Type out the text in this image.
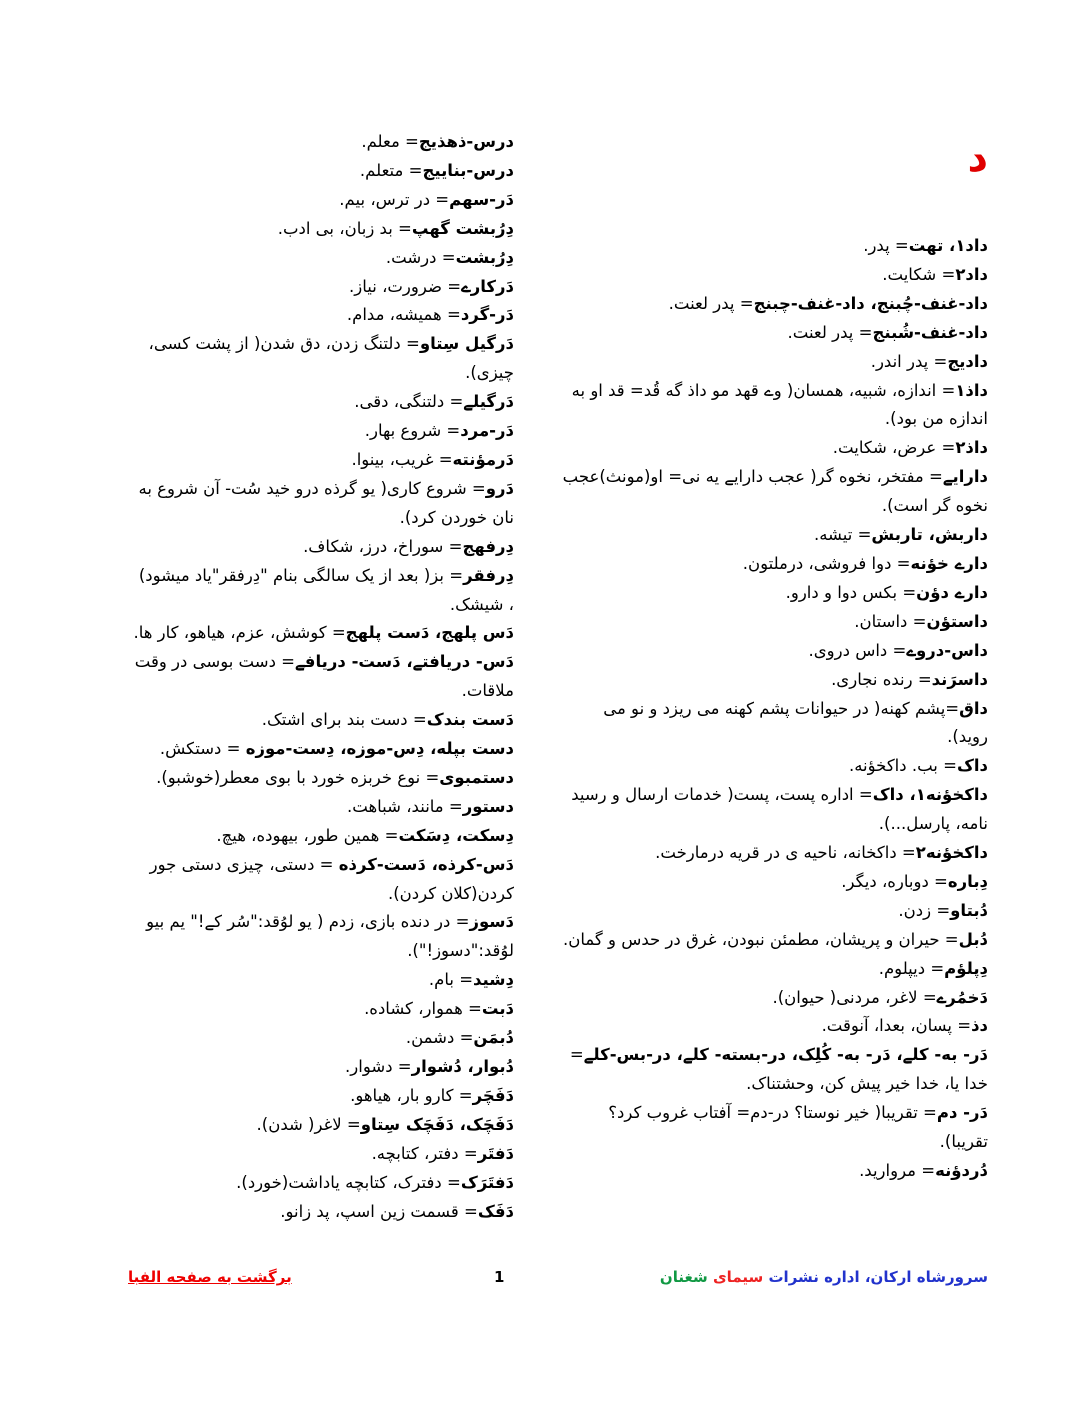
د

داد۱، تهت= پدر.

داد۲= شکایت.

داد-غنف-چُبنج، داد-غنف-چبنج= پدر لعنت.

داد-غنف-شُبنج= پدر لعنت.

دادیج= پدر اندر.

داذ۱= اندازه، شبیه، همسان( وے قهد مو داذ گه قُد= قد او به اندازه من بود).

داذ۲= عرض، شکایت.

دارایے= مفتخر، نخوه گر( عجب دارایے یه نی= او(مونث)عجب نخوه گر است).

داربش، تاربش= تیشه.

دارے خؤنه= دوا فروشی، درملتون.

دارے دؤن= بکس دوا و دارو.

داستؤن= داستان.

داس-دروے= داس دروی.

داسرَند= رنده نجاری.

داق=پشم کهنه( در حیوانات پشم کهنه می ریزد و نو می روید).

داک= بب. داکخؤنه.

داکخؤنه۱، داک= اداره پست، پست( خدمات ارسال و رسید نامه، پارسل...).

داکخؤنه۲= داکخانه، ناحیه ی در قریه درمارخت.

دِباره= دوباره، دیگر.

دُبتاو= زدن.

دُبل= حیران و پریشان، مطمئن نبودن، غرق در حدس و گمان.

دِپلؤم= دیپلوم.

دَخمُرے= لاغر، مردنی( حیوان).

دذ= پسان، بعدا، آنوقت.

دَر- به- کلے، دَر- به- کُلِک، در-بسته- کلے، در-بس-کلے= خدا یا، خدا خیر پیش کن، وحشتناک.

دَر- دم= تقریبا( خیر نوستا؟ در-دم= آفتاب غروب کرد؟ تقریبا).

دُردؤنه= مروارید.

درس-ذهذیج= معلم.

درس-بناییج= متعلم.

دَر-سهم= در ترس، بیم.

دِرُبشت گهپ= بد زبان، بی ادب.

دِرُبشت= درشت.

دَرکارے= ضرورت، نیاز.

دَر-گرد= همیشه، مدام.

دَرگیل سِتاو= دلتنگ زدن، دق شدن( از پشت کسی، چیزی).

دَرگیلے= دلتنگی، دقی.

دَر-مرد= شروع بهار.

دَرمؤنته= غریب، بینوا.

دَرو= شروع کاری( یو گرذه درو خید سُت- آن شروع به نان خوردن کرد).

دِرفهج= سوراخ، درز، شکاف.

دِرفقر= بز( بعد از یک سالگی بنام "دِرفقر"یاد میشود) ، شیشک.

دَس پلهج، دَست پلهج= کوشش، عزم، هیاهو، کار ها.

دَس- دریافتے، دَست- دریافے= دست بوسی در وقت ملاقات.

دَست بندک= دست بند برای اشتک.

دست بپله، دِس-موزه، دِست-موزه = دستکش.

دستمبوی= نوع خربزه خورد با بوی معطر(خوشبو).

دستور= مانند، شباهت.

دِسکت، دِسَکت= همین طور، بیهوده، هیچ.

دَس-کرذه، دَست-کرذه = دستی، چیزی دستی جور کردن(کلان کردن).

دَسوز= در دنده بازی، زدم ( یو لوُقد:"سُر کے!" یم بیو لوُقد:"دسوز!").

دِشید= بام.

دَبت= هموار، کشاده.

دُبمَن= دشمن.

دُبوار، دُشوار= دشوار.

دَفَچَر= کارو بار، هیاهو.

دَفَچَک، دَفَچَک سِتاو= لاغر( شدن).

دَفتَر= دفتر، کتابچه.

دَفتَرَک= دفترک، کتابچه یاداشت(خورد).

دَفَک= قسمت زین اسپ، پد زانو.

سرورشاه ارکان، اداره نشرات سیمای شغنان
1
برگشت به صفحه الفبا
